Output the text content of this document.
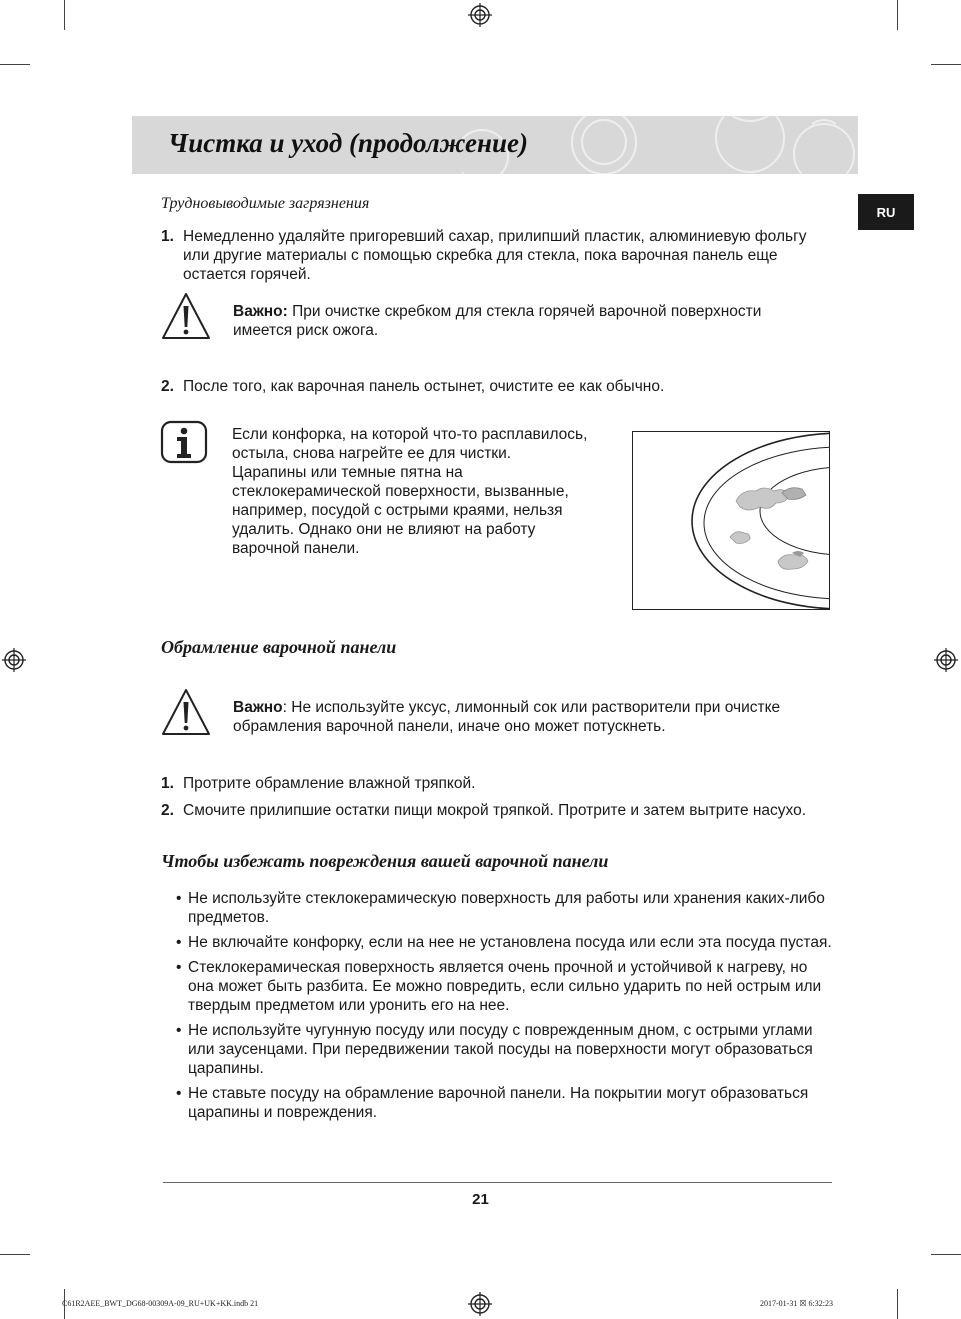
Чистка и уход (продолжение)
RU
Трудновыводимые загрязнения
1. Немедленно удаляйте пригоревший сахар, прилипший пластик, алюминиевую фольгу
или другие материалы с помощью скребка для стекла, пока варочная панель еще
остается горячей.
Важно: При очистке скребком для стекла горячей варочной поверхности
имеется риск ожога.
2. После того, как варочная панель остынет, очистите ее как обычно.
Если конфорка, на которой что-то расплавилось,
остыла, снова нагрейте ее для чистки.
Царапины или темные пятна на
стеклокерамической поверхности, вызванные,
например, посудой с острыми краями, нельзя
удалить. Однако они не влияют на работу
варочной панели.
Обрамление варочной панели
Важно: Не используйте уксус, лимонный сок или растворители при очистке
обрамления варочной панели, иначе оно может потускнеть.
1. Протрите обрамление влажной тряпкой.
2. Смочите прилипшие остатки пищи мокрой тряпкой. Протрите и затем вытрите насухо.
Чтобы избежать повреждения вашей варочной панели
• Не используйте стеклокерамическую поверхность для работы или хранения каких-либо предметов.
• Не включайте конфорку, если на нее не установлена посуда или если эта посуда пустая.
• Стеклокерамическая поверхность является очень прочной и устойчивой к нагреву, но она может быть разбита. Ее можно повредить, если сильно ударить по ней острым или твердым предметом или уронить его на нее.
• Не используйте чугунную посуду или посуду с поврежденным дном, с острыми углами или заусенцами. При передвижении такой посуды на поверхности могут образоваться царапины.
• Не ставьте посуду на обрамление варочной панели. На покрытии могут образоваться царапины и повреждения.
21
C61R2AEE_BWT_DG68-00309A-09_RU+UK+KK.indb 21	2017-01-31 ☒ 6:32:23
